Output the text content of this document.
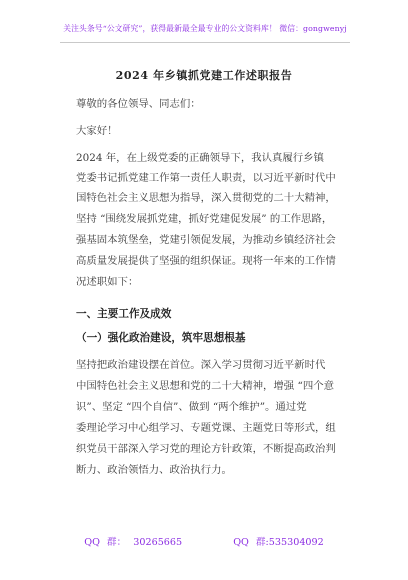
关注头条号“公文研究”，获得最新最全最专业的公文资料库！ 微信：gongwenyj
2024 年乡镇抓党建工作述职报告
尊敬的各位领导、同志们：
大家好！
2024 年，在上级党委的正确领导下，我认真履行乡镇
党委书记抓党建工作第一责任人职责，以习近平新时代中
国特色社会主义思想为指导，深入贯彻党的二十大精神，
坚持 “围绕发展抓党建，抓好党建促发展” 的工作思路，
强基固本筑堡垒，党建引领促发展，为推动乡镇经济社会
高质量发展提供了坚强的组织保证。现将一年来的工作情
况述职如下：
一、主要工作及成效
（一）强化政治建设，筑牢思想根基
坚持把政治建设摆在首位。深入学习贯彻习近平新时代
中国特色社会主义思想和党的二十大精神，增强 “四个意
识”、坚定 “四个自信”、做到 “两个维护”。通过党
委理论学习中心组学习、专题党课、主题党日等形式，组
织党员干部深入学习党的理论方针政策，不断提高政治判
断力、政治领悟力、政治执行力。
QQ 群： 30265665	QQ 群:535304092
